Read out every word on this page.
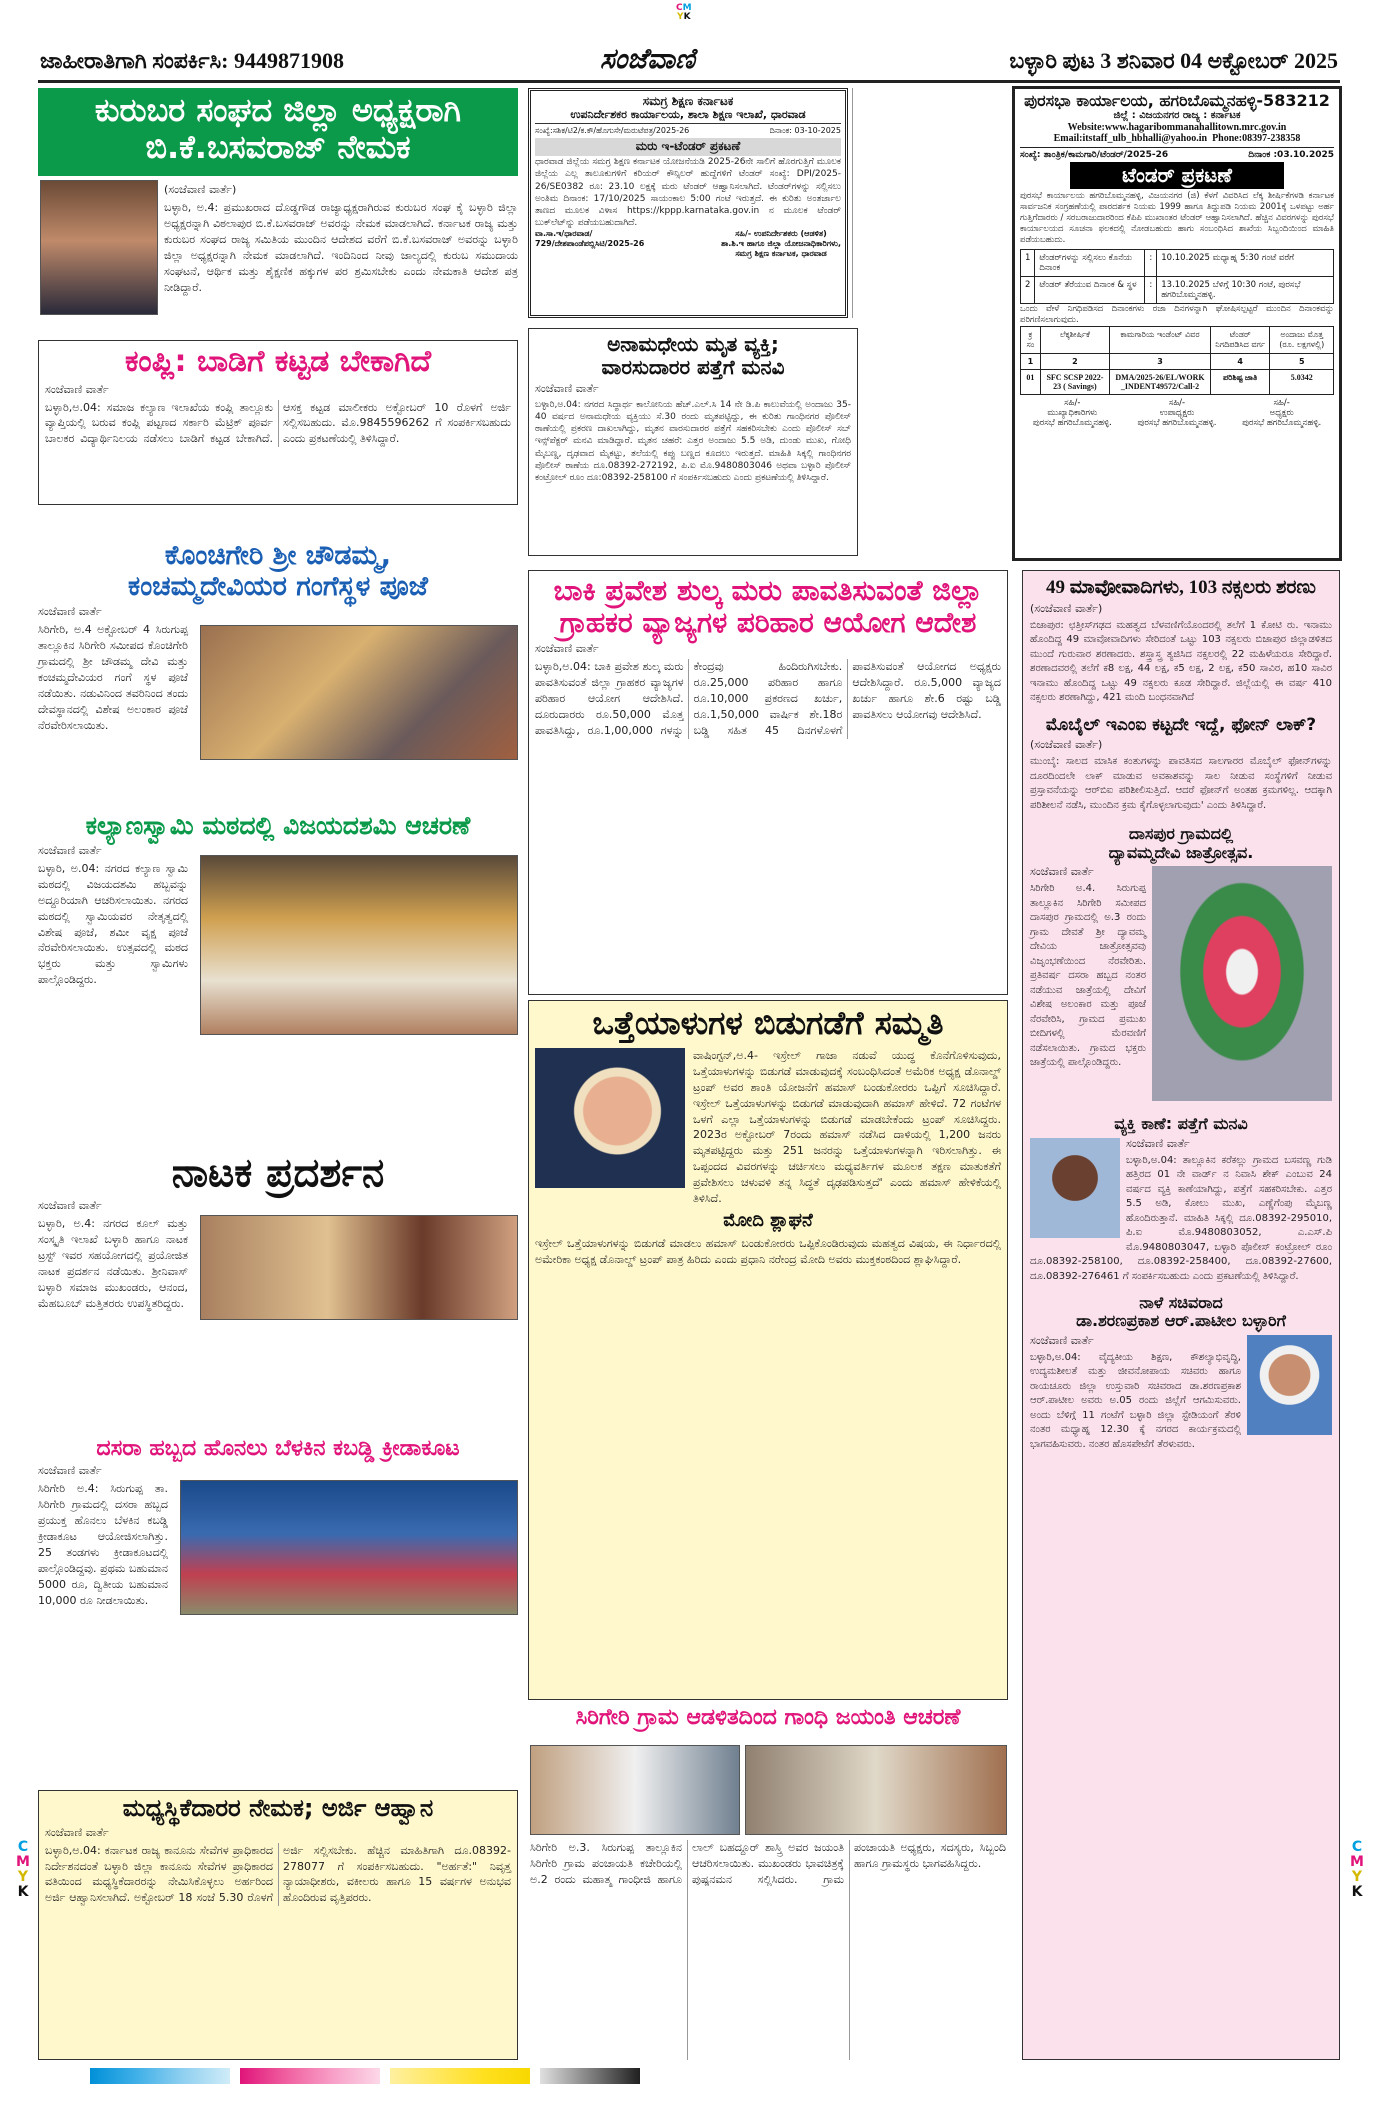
CM
YK
C
M
Y
K
C
M
Y
K
ಜಾಹೀರಾತಿಗಾಗಿ ಸಂಪರ್ಕಿಸಿ: 9449871908	ಸಂಜೆವಾಣಿ	ಬಳ್ಳಾರಿ ಪುಟ 3 ಶನಿವಾರ 04 ಅಕ್ಟೋಬರ್ 2025
ಕುರುಬರ ಸಂಘದ ಜಿಲ್ಲಾ ಅಧ್ಯಕ್ಷರಾಗಿ
ಬಿ.ಕೆ.ಬಸವರಾಜ್ ನೇಮಕ
(ಸಂಜೆವಾಣಿ ವಾರ್ತೆ)
ಬಳ್ಳಾರಿ, ಅ.4: ಪ್ರಮುಖರಾದ ದೊಡ್ಡಗೌಡ ರಾಜ್ಯಾಧ್ಯಕ್ಷರಾಗಿರುವ ಕುರುಬರ ಸಂಘ ಕೈ ಬಳ್ಳಾರಿ ಜಿಲ್ಲಾ ಅಧ್ಯಕ್ಷರನ್ನಾಗಿ ವಿಠಲಾಪುರ ಬಿ.ಕೆ.ಬಸವರಾಜ್ ಅವರನ್ನು ನೇಮಕ ಮಾಡಲಾಗಿದೆ. ಕರ್ನಾಟಕ ರಾಜ್ಯ ಮತ್ತು ಕುರುಬರ ಸಂಘದ ರಾಜ್ಯ ಸಮಿತಿಯ ಮುಂದಿನ ಆದೇಶದ ವರೆಗೆ ಬಿ.ಕೆ.ಬಸವರಾಜ್ ಅವರನ್ನು ಬಳ್ಳಾರಿ ಜಿಲ್ಲಾ ಅಧ್ಯಕ್ಷರನ್ನಾಗಿ ನೇಮಕ ಮಾಡಲಾಗಿದೆ. ಇಂದಿನಿಂದ ನೀವು ಜಾಲ್ಯದಲ್ಲಿ ಕುರುಬ ಸಮುದಾಯ ಸಂಘಟನೆ, ಆರ್ಥಿಕ ಮತ್ತು ಶೈಕ್ಷಣಿಕ ಹಕ್ಕುಗಳ ಪರ ಶ್ರಮಿಸಬೇಕು ಎಂದು ನೇಮಕಾತಿ ಆದೇಶ ಪತ್ರ ನೀಡಿದ್ದಾರೆ.
ಕಂಪ್ಲಿ: ಬಾಡಿಗೆ ಕಟ್ಟಡ ಬೇಕಾಗಿದೆ
ಸಂಜೆವಾಣಿ ವಾರ್ತೆ
ಬಳ್ಳಾರಿ,ಅ.04: ಸಮಾಜ ಕಲ್ಯಾಣ ಇಲಾಖೆಯ ಕಂಪ್ಲಿ ತಾಲ್ಲೂಕು ವ್ಯಾಪ್ತಿಯಲ್ಲಿ ಬರುವ ಕಂಪ್ಲಿ ಪಟ್ಟಣದ ಸರ್ಕಾರಿ ಮೆಟ್ರಿಕ್ ಪೂರ್ವ ಬಾಲಕರ ವಿದ್ಯಾರ್ಥಿನಿಲಯ ನಡೆಸಲು ಬಾಡಿಗೆ ಕಟ್ಟಡ ಬೇಕಾಗಿದೆ. ಆಸಕ್ತ ಕಟ್ಟಡ ಮಾಲೀಕರು ಅಕ್ಟೋಬರ್ 10 ರೊಳಗೆ ಅರ್ಜಿ ಸಲ್ಲಿಸಬಹುದು. ಮೊ.9845596262 ಗೆ ಸಂಪರ್ಕಿಸಬಹುದು ಎಂದು ಪ್ರಕಟಣೆಯಲ್ಲಿ ತಿಳಿಸಿದ್ದಾರೆ.
ಕೊಂಚಿಗೇರಿ ಶ್ರೀ ಚೌಡಮ್ಮ,
ಕಂಚಮ್ಮದೇವಿಯರ ಗಂಗೆಸ್ಥಳ ಪೂಜೆ
ಸಂಜೆವಾಣಿ ವಾರ್ತೆ
ಸಿರಿಗೇರಿ, ಅ.4 ಅಕ್ಟೋಬರ್ 4 ಸಿರುಗುಪ್ಪ ತಾಲ್ಲೂಕಿನ ಸಿರಿಗೇರಿ ಸಮೀಪದ ಕೊಂಚಿಗೇರಿ ಗ್ರಾಮದಲ್ಲಿ ಶ್ರೀ ಚೌಡಮ್ಮ ದೇವಿ ಮತ್ತು ಕಂಚಮ್ಮದೇವಿಯರ ಗಂಗೆ ಸ್ಥಳ ಪೂಜೆ ನಡೆಯಿತು. ನಡುವಿನಿಂದ ತವರಿನಿಂದ ತಂದು ದೇವಸ್ಥಾನದಲ್ಲಿ ವಿಶೇಷ ಅಲಂಕಾರ ಪೂಜೆ ನೆರವೇರಿಸಲಾಯಿತು.
ಕಲ್ಯಾಣಸ್ವಾಮಿ ಮಠದಲ್ಲಿ ವಿಜಯದಶಮಿ ಆಚರಣೆ
ಸಂಜೆವಾಣಿ ವಾರ್ತೆ
ಬಳ್ಳಾರಿ, ಅ.04: ನಗರದ ಕಲ್ಯಾಣ ಸ್ವಾಮಿ ಮಠದಲ್ಲಿ ವಿಜಯದಶಮಿ ಹಬ್ಬವನ್ನು ಅದ್ದೂರಿಯಾಗಿ ಆಚರಿಸಲಾಯಿತು. ನಗರದ ಮಠದಲ್ಲಿ ಸ್ವಾಮಿಯವರ ನೇತೃತ್ವದಲ್ಲಿ ವಿಶೇಷ ಪೂಜೆ, ಶಮೀ ವೃಕ್ಷ ಪೂಜೆ ನೆರವೇರಿಸಲಾಯಿತು. ಉತ್ಸವದಲ್ಲಿ ಮಠದ ಭಕ್ತರು ಮತ್ತು ಸ್ವಾಮಿಗಳು ಪಾಲ್ಗೊಂಡಿದ್ದರು.
ನಾಟಕ ಪ್ರದರ್ಶನ
ಸಂಜೆವಾಣಿ ವಾರ್ತೆ
ಬಳ್ಳಾರಿ, ಅ.4: ನಗರದ ಕೂಲ್ ಮತ್ತು ಸಂಸ್ಕೃತಿ ಇಲಾಖೆ ಬಳ್ಳಾರಿ ಹಾಗೂ ನಾಟಕ ಟ್ರಸ್ಟ್ ಇವರ ಸಹಯೋಗದಲ್ಲಿ ಪ್ರಯೋಜಿತ ನಾಟಕ ಪ್ರದರ್ಶನ ನಡೆಯಿತು. ಶ್ರೀನಿವಾಸ್ ಬಳ್ಳಾರಿ ಸಮಾಜ ಮುಖಂಡರು, ಆನಂದ, ಮೆಹಬೂಬ್ ಮತ್ತಿತರರು ಉಪಸ್ಥಿತರಿದ್ದರು.
ದಸರಾ ಹಬ್ಬದ ಹೊನಲು ಬೆಳಕಿನ ಕಬಡ್ಡಿ ಕ್ರೀಡಾಕೂಟ
ಸಂಜೆವಾಣಿ ವಾರ್ತೆ
ಸಿರಿಗೇರಿ ಅ.4: ಸಿರುಗುಪ್ಪ ತಾ. ಸಿರಿಗೇರಿ ಗ್ರಾಮದಲ್ಲಿ ದಸರಾ ಹಬ್ಬದ ಪ್ರಯುಕ್ತ ಹೊನಲು ಬೆಳಕಿನ ಕಬಡ್ಡಿ ಕ್ರೀಡಾಕೂಟ ಆಯೋಜಿಸಲಾಗಿತ್ತು. 25 ತಂಡಗಳು ಕ್ರೀಡಾಕೂಟದಲ್ಲಿ ಪಾಲ್ಗೊಂಡಿದ್ದವು. ಪ್ರಥಮ ಬಹುಮಾನ 5000 ರೂ, ದ್ವಿತೀಯ ಬಹುಮಾನ 10,000 ರೂ ನೀಡಲಾಯಿತು.
ಮಧ್ಯಸ್ಥಿಕೆದಾರರ ನೇಮಕ; ಅರ್ಜಿ ಆಹ್ವಾನ
ಸಂಜೆವಾಣಿ ವಾರ್ತೆ
ಬಳ್ಳಾರಿ,ಅ.04: ಕರ್ನಾಟಕ ರಾಜ್ಯ ಕಾನೂನು ಸೇವೆಗಳ ಪ್ರಾಧಿಕಾರದ ನಿರ್ದೇಶನದಂತೆ ಬಳ್ಳಾರಿ ಜಿಲ್ಲಾ ಕಾನೂನು ಸೇವೆಗಳ ಪ್ರಾಧಿಕಾರದ ವತಿಯಿಂದ ಮಧ್ಯಸ್ಥಿಕೆದಾರರನ್ನು ನೇಮಿಸಿಕೊಳ್ಳಲು ಅರ್ಹರಿಂದ ಅರ್ಜಿ ಆಹ್ವಾನಿಸಲಾಗಿದೆ. ಅಕ್ಟೋಬರ್ 18 ಸಂಜೆ 5.30 ರೊಳಗೆ ಅರ್ಜಿ ಸಲ್ಲಿಸಬೇಕು. ಹೆಚ್ಚಿನ ಮಾಹಿತಿಗಾಗಿ ದೂ.08392-278077 ಗೆ ಸಂಪರ್ಕಿಸಬಹುದು. "ಅರ್ಹತೆ:" ನಿವೃತ್ತ ನ್ಯಾಯಾಧೀಶರು, ವಕೀಲರು ಹಾಗೂ 15 ವರ್ಷಗಳ ಅನುಭವ ಹೊಂದಿರುವ ವೃತ್ತಿಪರರು.
ಸಮಗ್ರ ಶಿಕ್ಷಣ ಕರ್ನಾಟಕ
ಉಪನಿರ್ದೇಶಕರ ಕಾರ್ಯಾಲಯ, ಶಾಲಾ ಶಿಕ್ಷಣ ಇಲಾಖೆ, ಧಾರವಾಡ
ಸಂಖ್ಯೆ:ಸಶಿಕ/ಟಿ2/ಕ.ಕೌ/ಹೊಗುಸೇ/ಮರುಟೆಪತ್ರ/2025-26	ದಿನಾಂಕ: 03-10-2025
ಮರು ಇ-ಟೆಂಡರ್ ಪ್ರಕಟಣೆ
ಧಾರವಾಡ ಜಿಲ್ಲೆಯ ಸಮಗ್ರ ಶಿಕ್ಷಣ ಕರ್ನಾಟಕ ಯೋಜನೆಯಡಿ 2025-26ನೇ ಸಾಲಿಗೆ ಹೊರಗುತ್ತಿಗೆ ಮೂಲಕ ಜಿಲ್ಲೆಯ ಎಲ್ಲ ತಾಲೂಕುಗಳಿಗೆ ಕರಿಯರ್ ಕೌನ್ಸಿಲರ್ ಹುದ್ದೆಗಳಿಗೆ ಟೆಂಡರ್ ಸಂಖ್ಯೆ: DPI/2025-26/SE0382 ರೂ: 23.10 ಲಕ್ಷಕ್ಕೆ ಮರು ಟೆಂಡರ್ ಆಹ್ವಾನಿಸಲಾಗಿದೆ. ಟೆಂಡರ್‌ಗಳನ್ನು ಸಲ್ಲಿಸಲು ಅಂತಿಮ ದಿನಾಂಕ: 17/10/2025 ಸಾಯಂಕಾಲ 5:00 ಗಂಟೆ ಇರುತ್ತದೆ. ಈ ಕುರಿತು ಅಂತರ್ಜಾಲ ತಾಣದ ಮೂಲಕ ವಿಳಾಸ https://kppp.karnataka.gov.in ನ ಮೂಲಕ ಟೆಂಡರ್ ಬುಕ್‌ಲೆಟ್‌ನ್ನು ಪಡೆಯಬಹುದಾಗಿದೆ.
ವಾ.ಸಾ.ಇ/ಧಾರವಾಡ/
729/ದೇಶಪಾಂಡೆಪಬ್ಲಿಸಿಟಿ/2025-26
ಸಹಿ/- ಉಪನಿರ್ದೇಶಕರು (ಆಡಳಿತ)
ಶಾ.ಶಿ.ಇ ಹಾಗೂ ಜಿಲ್ಲಾ ಯೋಜನಾಧಿಕಾರಿಗಳು,
ಸಮಗ್ರ ಶಿಕ್ಷಣ ಕರ್ನಾಟಕ, ಧಾರವಾಡ
ಅನಾಮಧೇಯ ಮೃತ ವ್ಯಕ್ತಿ;
ವಾರಸುದಾರರ ಪತ್ತೆಗೆ ಮನವಿ
ಸಂಜೆವಾಣಿ ವಾರ್ತೆ
ಬಳ್ಳಾರಿ,ಅ.04: ನಗರದ ಸಿದ್ಧಾರ್ಥ ಕಾಲೋನಿಯ ಹೆಚ್.ಎಲ್.ಸಿ 14 ನೇ ಡಿ.ಪಿ ಕಾಲುವೆಯಲ್ಲಿ ಅಂದಾಜು 35-40 ವರ್ಷದ ಅನಾಮಧೇಯ ವ್ಯಕ್ತಿಯು ಸೆ.30 ರಂದು ಮೃತಪಟ್ಟಿದ್ದು, ಈ ಕುರಿತು ಗಾಂಧಿನಗರ ಪೊಲೀಸ್ ಠಾಣೆಯಲ್ಲಿ ಪ್ರಕರಣ ದಾಖಲಾಗಿದ್ದು, ಮೃತನ ವಾರಸುದಾರರ ಪತ್ತೆಗೆ ಸಹಕರಿಸಬೇಕು ಎಂದು ಪೊಲೀಸ್ ಸಬ್ ಇನ್ಸ್‌ಪೆಕ್ಟರ್ ಮನವಿ ಮಾಡಿದ್ದಾರೆ. ಮೃತನ ಚಹರೆ: ಎತ್ತರ ಅಂದಾಜು 5.5 ಅಡಿ, ದುಂಡು ಮುಖ, ಗೋಧಿ ಮೈಬಣ್ಣ, ದೃಢವಾದ ಮೈಕಟ್ಟು, ತಲೆಯಲ್ಲಿ ಕಪ್ಪು ಬಣ್ಣದ ಕೂದಲು ಇರುತ್ತದೆ. ಮಾಹಿತಿ ಸಿಕ್ಕಲ್ಲಿ ಗಾಂಧಿನಗರ ಪೊಲೀಸ್ ಠಾಣೆಯ ದೂ.08392-272192, ಪಿ.ಐ ಮೊ.9480803046 ಅಥವಾ ಬಳ್ಳಾರಿ ಪೊಲೀಸ್ ಕಂಟ್ರೋಲ್ ರೂಂ ದೂ:08392-258100 ಗೆ ಸಂಪರ್ಕಿಸಬಹುದು ಎಂದು ಪ್ರಕಟಣೆಯಲ್ಲಿ ತಿಳಿಸಿದ್ದಾರೆ.
ಬಾಕಿ ಪ್ರವೇಶ ಶುಲ್ಕ ಮರು ಪಾವತಿಸುವಂತೆ ಜಿಲ್ಲಾ
ಗ್ರಾಹಕರ ವ್ಯಾಜ್ಯಗಳ ಪರಿಹಾರ ಆಯೋಗ ಆದೇಶ
ಸಂಜೆವಾಣಿ ವಾರ್ತೆ
ಬಳ್ಳಾರಿ,ಅ.04: ಬಾಕಿ ಪ್ರವೇಶ ಶುಲ್ಕ ಮರು ಪಾವತಿಸುವಂತೆ ಜಿಲ್ಲಾ ಗ್ರಾಹಕರ ವ್ಯಾಜ್ಯಗಳ ಪರಿಹಾರ ಆಯೋಗ ಆದೇಶಿಸಿದೆ. ದೂರುದಾರರು ರೂ.50,000 ಮೊತ್ತ ಪಾವತಿಸಿದ್ದು, ರೂ.1,00,000 ಗಳನ್ನು ಕೇಂದ್ರವು ಹಿಂದಿರುಗಿಸಬೇಕು. ರೂ.25,000 ಪರಿಹಾರ ಹಾಗೂ ರೂ.10,000 ಪ್ರಕರಣದ ಖರ್ಚು, ರೂ.1,50,000 ವಾರ್ಷಿಕ ಶೇ.18ರ ಬಡ್ಡಿ ಸಹಿತ 45 ದಿನಗಳೊಳಗೆ ಪಾವತಿಸುವಂತೆ ಆಯೋಗದ ಅಧ್ಯಕ್ಷರು ಆದೇಶಿಸಿದ್ದಾರೆ. ರೂ.5,000 ವ್ಯಾಜ್ಯದ ಖರ್ಚು ಹಾಗೂ ಶೇ.6 ರಷ್ಟು ಬಡ್ಡಿ ಪಾವತಿಸಲು ಆಯೋಗವು ಆದೇಶಿಸಿದೆ.
ಒತ್ತೆಯಾಳುಗಳ ಬಿಡುಗಡೆಗೆ ಸಮ್ಮತಿ
ವಾಷಿಂಗ್ಟನ್,ಅ.4- ಇಸ್ರೇಲ್ ಗಾಜಾ ನಡುವೆ ಯುದ್ಧ ಕೊನೆಗೊಳಿಸುವುದು, ಒತ್ತೆಯಾಳುಗಳನ್ನು ಬಿಡುಗಡೆ ಮಾಡುವುದಕ್ಕೆ ಸಂಬಂಧಿಸಿದಂತೆ ಅಮೆರಿಕ ಅಧ್ಯಕ್ಷ ಡೊನಾಲ್ಡ್ ಟ್ರಂಪ್ ಅವರ ಶಾಂತಿ ಯೋಜನೆಗೆ ಹಮಾಸ್ ಬಂಡುಕೋರರು ಒಪ್ಪಿಗೆ ಸೂಚಿಸಿದ್ದಾರೆ. ಇಸ್ರೇಲ್ ಒತ್ತೆಯಾಳುಗಳನ್ನು ಬಿಡುಗಡೆ ಮಾಡುವುದಾಗಿ ಹಮಾಸ್ ಹೇಳಿದೆ. 72 ಗಂಟೆಗಳ ಒಳಗೆ ಎಲ್ಲಾ ಒತ್ತೆಯಾಳುಗಳನ್ನು ಬಿಡುಗಡೆ ಮಾಡಬೇಕೆಂದು ಟ್ರಂಪ್ ಸೂಚಿಸಿದ್ದರು. 2023ರ ಅಕ್ಟೋಬರ್ 7ರಂದು ಹಮಾಸ್ ನಡೆಸಿದ ದಾಳಿಯಲ್ಲಿ 1,200 ಜನರು ಮೃತಪಟ್ಟಿದ್ದರು ಮತ್ತು 251 ಜನರನ್ನು ಒತ್ತೆಯಾಳುಗಳನ್ನಾಗಿ ಇರಿಸಲಾಗಿತ್ತು. ಈ ಒಪ್ಪಂದದ ವಿವರಗಳನ್ನು ಚರ್ಚಿಸಲು ಮಧ್ಯವರ್ತಿಗಳ ಮೂಲಕ ತಕ್ಷಣ ಮಾತುಕತೆಗೆ ಪ್ರವೇಶಿಸಲು ಚಳುವಳಿ ತನ್ನ ಸಿದ್ಧತೆ ದೃಢಪಡಿಸುತ್ತದೆ' ಎಂದು ಹಮಾಸ್ ಹೇಳಿಕೆಯಲ್ಲಿ ತಿಳಿಸಿದೆ.
ಮೋದಿ ಶ್ಲಾಘನೆ
ಇಸ್ರೇಲ್ ಒತ್ತೆಯಾಳುಗಳನ್ನು ಬಿಡುಗಡೆ ಮಾಡಲು ಹಮಾಸ್ ಬಂಡುಕೋರರು ಒಪ್ಪಿಕೊಂಡಿರುವುದು ಮಹತ್ವದ ವಿಷಯ, ಈ ನಿರ್ಧಾರದಲ್ಲಿ ಅಮೇರಿಕಾ ಅಧ್ಯಕ್ಷ ಡೊನಾಲ್ಡ್ ಟ್ರಂಪ್ ಪಾತ್ರ ಹಿರಿದು ಎಂದು ಪ್ರಧಾನಿ ನರೇಂದ್ರ ಮೋದಿ ಅವರು ಮುಕ್ತಕಂಠದಿಂದ ಶ್ಲಾಘಿಸಿದ್ದಾರೆ.
ಸಿರಿಗೇರಿ ಗ್ರಾಮ ಆಡಳಿತದಿಂದ ಗಾಂಧಿ ಜಯಂತಿ ಆಚರಣೆ
ಸಿರಿಗೇರಿ ಅ.3. ಸಿರುಗುಪ್ಪ ತಾಲ್ಲೂಕಿನ ಸಿರಿಗೇರಿ ಗ್ರಾಮ ಪಂಚಾಯತಿ ಕಚೇರಿಯಲ್ಲಿ ಅ.2 ರಂದು ಮಹಾತ್ಮ ಗಾಂಧೀಜಿ ಹಾಗೂ ಲಾಲ್ ಬಹದ್ದೂರ್ ಶಾಸ್ತ್ರಿ ಅವರ ಜಯಂತಿ ಆಚರಿಸಲಾಯಿತು. ಮುಖಂಡರು ಭಾವಚಿತ್ರಕ್ಕೆ ಪುಷ್ಪನಮನ ಸಲ್ಲಿಸಿದರು. ಗ್ರಾಮ ಪಂಚಾಯತಿ ಅಧ್ಯಕ್ಷರು, ಸದಸ್ಯರು, ಸಿಬ್ಬಂದಿ ಹಾಗೂ ಗ್ರಾಮಸ್ಥರು ಭಾಗವಹಿಸಿದ್ದರು.
ಪುರಸಭಾ ಕಾರ್ಯಾಲಯ, ಹಗರಿಬೊಮ್ಮನಹಳ್ಳಿ-583212
ಜಿಲ್ಲೆ : ವಿಜಯನಗರ ರಾಜ್ಯ : ಕರ್ನಾಟಕ
Website:www.hagaribommanahallitown.mrc.gov.in
Email:itstaff_ulb_hbhalli@yahoo.in Phone:08397-238358
ಸಂಖ್ಯೆ: ತಾಂತ್ರಿಕ/ಕಾಮಗಾರಿ/ಟೆಂಡರ್/2025-26	ದಿನಾಂಕ :03.10.2025
ಟೆಂಡರ್ ಪ್ರಕಟಣೆ
ಪುರಸಭೆ ಕಾರ್ಯಾಲಯ ಹಗರಿಬೊಮ್ಮನಹಳ್ಳಿ, ವಿಜಯನಗರ (ಜಿ) ಕೆಳಗೆ ವಿವರಿಸಿದ ಲೆಕ್ಕ ಶೀರ್ಷಿಕೆಗಳಡಿ ಕರ್ನಾಟಕ ಸಾರ್ವಜನಿಕ ಸಂಗ್ರಹಣೆಯಲ್ಲಿ ಪಾರದರ್ಶಕ ನಿಯಮ 1999 ಹಾಗೂ ತಿದ್ದುಪಡಿ ನಿಯಮ 2001ಕ್ಕೆ ಒಳಪಟ್ಟು ಅರ್ಹ ಗುತ್ತಿಗೆದಾರರು / ಸರಬರಾಜುದಾರರಿಂದ ಕೆಪಿಪಿ ಮುಖಾಂತರ ಟೆಂಡರ್ ಆಹ್ವಾನಿಸಲಾಗಿದೆ. ಹೆಚ್ಚಿನ ವಿವರಗಳನ್ನು ಪುರಸಭೆ ಕಾರ್ಯಾಲಯದ ಸೂಚನಾ ಫಲಕದಲ್ಲಿ ನೋಡಬಹುದು ಹಾಗು ಸಂಬಂಧಿಸಿದ ಶಾಖೆಯ ಸಿಬ್ಬಂದಿಯಿಂದ ಮಾಹಿತಿ ಪಡೆಯಬಹುದು.
1	ಟೆಂಡರ್‌ಗಳನ್ನು ಸಲ್ಲಿಸಲು ಕೊನೆಯ ದಿನಾಂಕ	:	10.10.2025 ಮಧ್ಯಾಹ್ನ 5:30 ಗಂಟೆ ವರೆಗೆ
2	ಟೆಂಡರ್ ತೆರೆಯುವ ದಿನಾಂಕ & ಸ್ಥಳ	:	13.10.2025 ಬೆಳಿಗ್ಗೆ 10:30 ಗಂಟೆ, ಪುರಸಭೆ ಹಗರಿಬೊಮ್ಮನಹಳ್ಳಿ.
ಒಂದು ವೇಳೆ ನಿಗಧಿಪಡಿಸದ ದಿನಾಂಕಗಳು ರಜಾ ದಿನಗಳನ್ನಾಗಿ ಘೋಷಿಸಲ್ಪಟ್ಟರೆ ಮುಂದಿನ ದಿನಾಂಕವನ್ನು ಪರಿಗಣಿಸಲಾಗುವುದು.
ಕ್ರ ಸಂ	ಲೆಕ್ಕಶೀರ್ಷಿಕೆ	ಕಾಮಗಾರಿಯ ಇಂಡೆಂಟ್ ವಿವರ	ಟೆಂಡರ್ ನಿಗದಿಪಡಿಸಿದ ವರ್ಗ	ಅಂದಾಜು ಮೊತ್ತ (ರೂ. ಲಕ್ಷಗಳಲ್ಲಿ)
1	2	3	4	5
01	SFC SCSP 2022-23 ( Savings)	DMA/2025-26/EL/WORK_INDENT49572/Call-2	ಪರಿಶಿಷ್ಟ ಜಾತಿ	5.0342
ಸಹಿ/-
ಮುಖ್ಯಾಧಿಕಾರಿಗಳು
ಪುರಸಭೆ ಹಗರಿಬೊಮ್ಮನಹಳ್ಳಿ.
ಸಹಿ/-
ಉಪಾಧ್ಯಕ್ಷರು
ಪುರಸಭೆ ಹಗರಿಬೊಮ್ಮನಹಳ್ಳಿ.
ಸಹಿ/-
ಅಧ್ಯಕ್ಷರು
ಪುರಸಭೆ ಹಗರಿಬೊಮ್ಮನಹಳ್ಳಿ.
49 ಮಾವೋವಾದಿಗಳು, 103 ನಕ್ಸಲರು ಶರಣು
(ಸಂಜೆವಾಣಿ ವಾರ್ತೆ)
ಬಿಜಾಪುರ: ಛತ್ತೀಸ್‌ಗಢದ ಮಹತ್ವದ ಬೆಳವಣಿಗೆಯೊಂದರಲ್ಲಿ ತಲೆಗೆ 1 ಕೋಟಿ ರು. ಇನಾಮು ಹೊಂದಿದ್ದ 49 ಮಾವೋವಾದಿಗಳು ಸೇರಿದಂತೆ ಒಟ್ಟು 103 ನಕ್ಸಲರು ಬಿಜಾಪುರ ಜಿಲ್ಲಾಡಳಿತದ ಮುಂದೆ ಗುರುವಾರ ಶರಣಾದರು. ಶಸ್ತ್ರಾಸ್ತ್ರ ತ್ಯಜಿಸಿದ ನಕ್ಸಲರಲ್ಲಿ 22 ಮಹಿಳೆಯರೂ ಸೇರಿದ್ದಾರೆ. ಶರಣಾದವರಲ್ಲಿ ತಲೆಗೆ ಕ8 ಲಕ್ಷ, 44 ಲಕ್ಷ, ಕ5 ಲಕ್ಷ, 2 ಲಕ್ಷ, ಕ50 ಸಾವಿರ, ಹ10 ಸಾವಿರ ಇನಾಮು ಹೊಂದಿದ್ದ ಒಟ್ಟು 49 ನಕ್ಸಲರು ಕೂಡ ಸೇರಿದ್ದಾರೆ. ಜಿಲ್ಲೆಯಲ್ಲಿ ಈ ವರ್ಷ 410 ನಕ್ಸಲರು ಶರಣಾಗಿದ್ದು, 421 ಮಂದಿ ಬಂಧನವಾಗಿದೆ
ಮೊಬೈಲ್ ಇಎಂಐ ಕಟ್ಟದೇ ಇದ್ದೆ, ಫೋನ್ ಲಾಕ್?
(ಸಂಜೆವಾಣಿ ವಾರ್ತೆ)
ಮುಂಬೈ: ಸಾಲದ ಮಾಸಿಕ ಕಂತುಗಳನ್ನು ಪಾವತಿಸದ ಸಾಲಗಾರರ ಮೊಬೈಲ್ ಫೋನ್‌ಗಳನ್ನು ದೂರದಿಂದಲೇ ಲಾಕ್ ಮಾಡುವ ಅವಕಾಶವನ್ನು ಸಾಲ ನೀಡುವ ಸಂಸ್ಥೆಗಳಿಗೆ ನೀಡುವ ಪ್ರಸ್ತಾವನೆಯನ್ನು ಆರ್‌ಬಿಐ ಪರಿಶೀಲಿಸುತ್ತಿದೆ. ಆದರೆ ಫೋನ್‌ಗೆ ಅಂತಹ ಕ್ರಮಗಳಿಲ್ಲ. ಆದಕ್ಕಾಗಿ ಪರಿಶೀಲನೆ ನಡೆಸಿ, ಮುಂದಿನ ಕ್ರಮ ಕೈಗೊಳ್ಳಲಾಗುವುದು' ಎಂದು ತಿಳಿಸಿದ್ದಾರೆ.
ದಾಸಪುರ ಗ್ರಾಮದಲ್ಲಿ
ದ್ಯಾವಮ್ಮದೇವಿ ಜಾತ್ರೋತ್ಸವ.
ಸಂಜೆವಾಣಿ ವಾರ್ತೆ
ಸಿರಿಗೇರಿ ಅ.4. ಸಿರುಗುಪ್ಪ ತಾಲ್ಲೂಕಿನ ಸಿರಿಗೇರಿ ಸಮೀಪದ ದಾಸಪುರ ಗ್ರಾಮದಲ್ಲಿ ಅ.3 ರಂದು ಗ್ರಾಮ ದೇವತೆ ಶ್ರೀ ದ್ಯಾವಮ್ಮ ದೇವಿಯ ಜಾತ್ರೋತ್ಸವವು ವಿಜೃಂಭಣೆಯಿಂದ ನೆರವೇರಿತು. ಪ್ರತಿವರ್ಷ ದಸರಾ ಹಬ್ಬದ ನಂತರ ನಡೆಯುವ ಜಾತ್ರೆಯಲ್ಲಿ ದೇವಿಗೆ ವಿಶೇಷ ಅಲಂಕಾರ ಮತ್ತು ಪೂಜೆ ನೆರವೇರಿಸಿ, ಗ್ರಾಮದ ಪ್ರಮುಖ ಬೀದಿಗಳಲ್ಲಿ ಮೆರವಣಿಗೆ ನಡೆಸಲಾಯಿತು. ಗ್ರಾಮದ ಭಕ್ತರು ಜಾತ್ರೆಯಲ್ಲಿ ಪಾಲ್ಗೊಂಡಿದ್ದರು.
ವ್ಯಕ್ತಿ ಕಾಣೆ: ಪತ್ತೆಗೆ ಮನವಿ
ಸಂಜೆವಾಣಿ ವಾರ್ತೆ
ಬಳ್ಳಾರಿ,ಅ.04: ತಾಲ್ಲೂಕಿನ ಕರೆಕಲ್ಲು ಗ್ರಾಮದ ಬಸವಣ್ಣ ಗುಡಿ ಹತ್ತಿರದ 01 ನೇ ವಾರ್ಡ್ ನ ನಿವಾಸಿ ಶೇಕ್ ಎಂಬುವ 24 ವರ್ಷದ ವ್ಯಕ್ತಿ ಕಾಣೆಯಾಗಿದ್ದು, ಪತ್ತೆಗೆ ಸಹಕರಿಸಬೇಕು. ಎತ್ತರ 5.5 ಅಡಿ, ಕೋಲು ಮುಖ, ಎಣ್ಣೆಗೆಂಪು ಮೈಬಣ್ಣ ಹೊಂದಿರುತ್ತಾನೆ. ಮಾಹಿತಿ ಸಿಕ್ಕಲ್ಲಿ ದೂ.08392-295010, ಪಿ.ಐ ಮೊ.9480803052, ಎ.ಎಸ್.ಪಿ ಮೊ.9480803047, ಬಳ್ಳಾರಿ ಪೊಲೀಸ್ ಕಂಟ್ರೋಲ್ ರೂಂ ದೂ.08392-258100, ದೂ.08392-258400, ದೂ.08392-27600, ದೂ.08392-276461 ಗೆ ಸಂಪರ್ಕಿಸಬಹುದು ಎಂದು ಪ್ರಕಟಣೆಯಲ್ಲಿ ತಿಳಿಸಿದ್ದಾರೆ.
ನಾಳೆ ಸಚಿವರಾದ
ಡಾ.ಶರಣಪ್ರಕಾಶ ಆರ್.ಪಾಟೀಲ ಬಳ್ಳಾರಿಗೆ
ಸಂಜೆವಾಣಿ ವಾರ್ತೆ
ಬಳ್ಳಾರಿ,ಅ.04: ವೈದ್ಯಕೀಯ ಶಿಕ್ಷಣ, ಕೌಶಲ್ಯಾಭಿವೃದ್ಧಿ, ಉದ್ಯಮಶೀಲತೆ ಮತ್ತು ಜೀವನೋಪಾಯ ಸಚಿವರು ಹಾಗೂ ರಾಯಚೂರು ಜಿಲ್ಲಾ ಉಸ್ತುವಾರಿ ಸಚಿವರಾದ ಡಾ.ಶರಣಪ್ರಕಾಶ ಆರ್.ಪಾಟೀಲ ಅವರು ಅ.05 ರಂದು ಜಿಲ್ಲೆಗೆ ಆಗಮಿಸುವರು. ಅಂದು ಬೆಳಿಗ್ಗೆ 11 ಗಂಟೆಗೆ ಬಳ್ಳಾರಿ ಜಿಲ್ಲಾ ಸ್ಟೇಡಿಯಂಗೆ ತೆರಳಿ ನಂತರ ಮಧ್ಯಾಹ್ನ 12.30 ಕ್ಕೆ ನಗರದ ಕಾರ್ಯಕ್ರಮದಲ್ಲಿ ಭಾಗವಹಿಸುವರು. ನಂತರ ಹೊಸಪೇಟೆಗೆ ತೆರಳುವರು.
